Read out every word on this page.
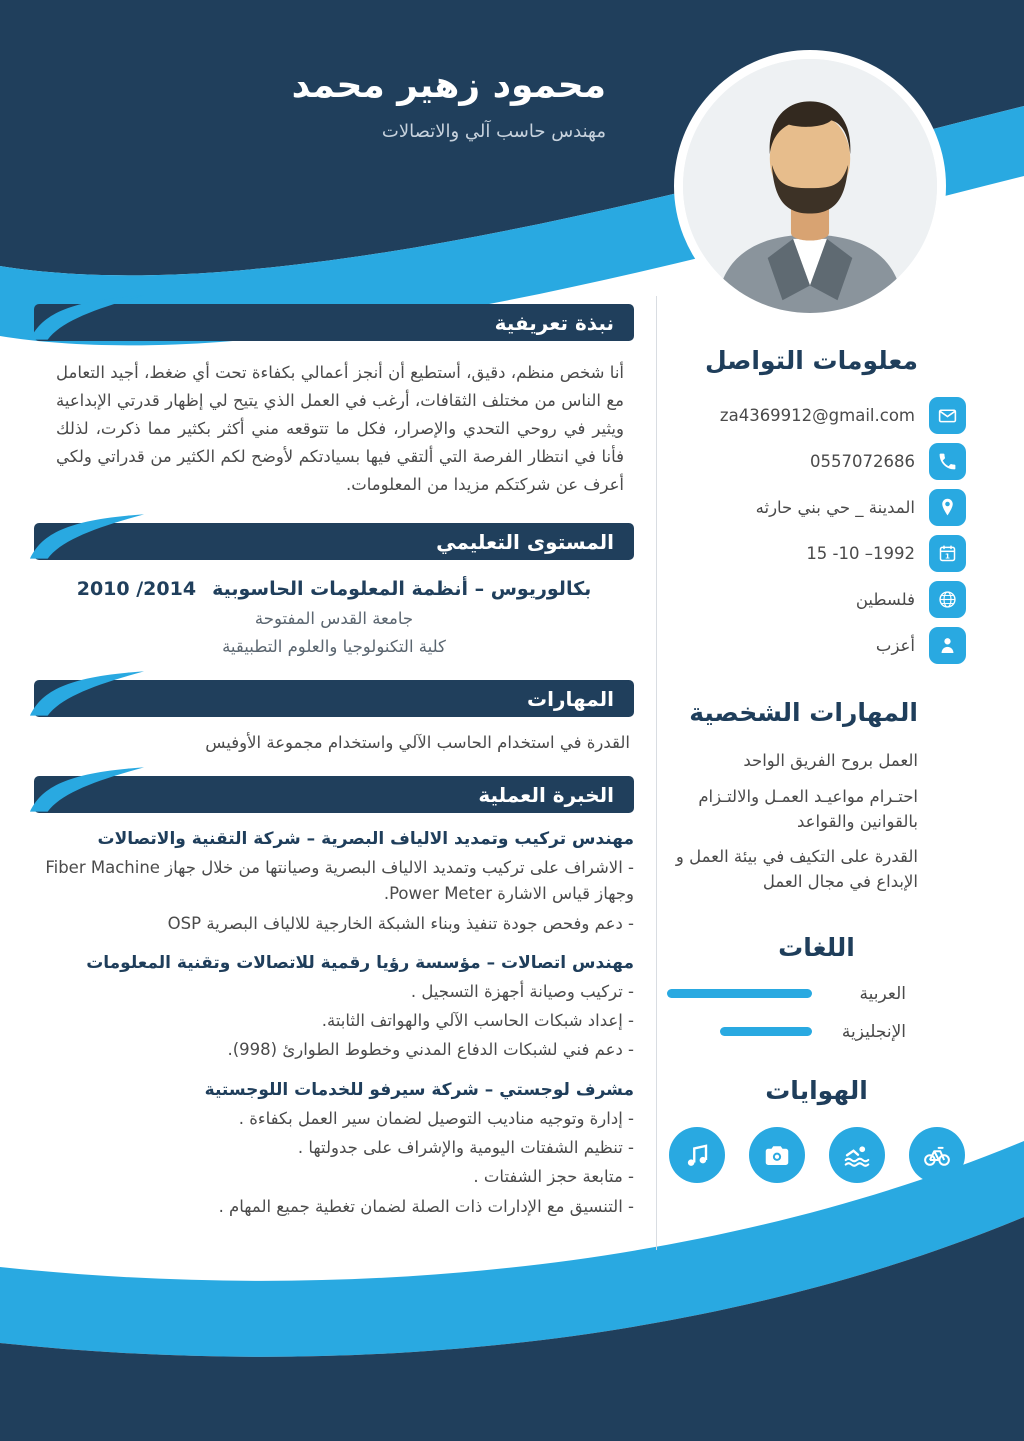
محمود زهير محمد
مهندس حاسب آلي والاتصالات
معلومات التواصل
za4369912@gmail.com
0557072686
المدينة _ حي بني حارثه
1
15 -10 –1992
فلسطين
أعزب
المهارات الشخصية
العمل بروح الفريق الواحد
احتـرام مواعيـد العمـل والالتـزام بالقوانين والقواعد
القدرة على التكيف في بيئة العمل و الإبداع في مجال العمل
اللغات
العربية
الإنجليزية
الهوايات
نبذة تعريفية

أنا شخص منظم، دقيق، أستطيع أن أنجز أعمالي بكفاءة تحت أي ضغط، أجيد التعامل مع الناس من مختلف الثقافات، أرغب في العمل الذي يتيح لي إظهار قدرتي الإبداعية ويثير في روحي التحدي والإصرار، فكل ما تتوقعه مني أكثر بكثير مما ذكرت، لذلك فأنا في انتظار الفرصة التي ألتقي فيها بسيادتكم لأوضح لكم الكثير من قدراتي ولكي أعرف عن شركتكم مزيدا من المعلومات.

المستوى التعليمي
بكالوريوس – أنظمة المعلومات الحاسوبية
2010 /2014
جامعة القدس المفتوحة
كلية التكنولوجيا والعلوم التطبيقية
المهارات

القدرة في استخدام الحاسب الآلي واستخدام مجموعة الأوفيس

الخبرة العملية
مهندس تركيب وتمديد الالياف البصرية – شركة التقنية والاتصالات
- الاشراف على تركيب وتمديد الالياف البصرية وصيانتها من خلال جهاز Fiber Machine وجهاز قياس الاشارة Power Meter.
- دعم وفحص جودة تنفيذ وبناء الشبكة الخارجية للالياف البصرية OSP
مهندس اتصالات – مؤسسة رؤيا رقمية للاتصالات وتقنية المعلومات
- تركيب وصيانة أجهزة التسجيل .
- إعداد شبكات الحاسب الآلي والهواتف الثابتة.
- دعم فني لشبكات الدفاع المدني وخطوط الطوارئ (998).
مشرف لوجستي – شركة سيرفو للخدمات اللوجستية
- إدارة وتوجيه مناديب التوصيل لضمان سير العمل بكفاءة .
- تنظيم الشفتات اليومية والإشراف على جدولتها .
- متابعة حجز الشفتات .
- التنسيق مع الإدارات ذات الصلة لضمان تغطية جميع المهام .
